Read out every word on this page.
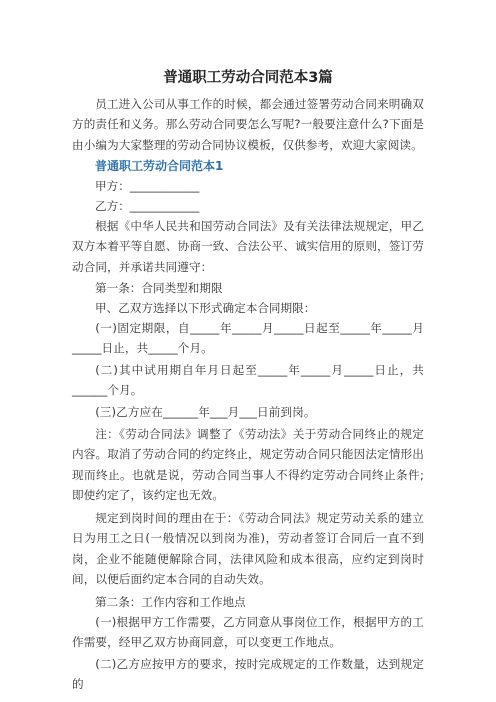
普通职工劳动合同范本3篇

员工进入公司从事工作的时候，都会通过签署劳动合同来明确双方的责任和义务。那么劳动合同要怎么写呢?一般要注意什么?下面是由小编为大家整理的劳动合同协议模板，仅供参考，欢迎大家阅读。

普通职工劳动合同范本1
甲方：____________
乙方：____________

根据《中华人民共和国劳动合同法》及有关法律法规规定，甲乙双方本着平等自愿、协商一致、合法公平、诚实信用的原则，签订劳动合同，并承诺共同遵守：

第一条：合同类型和期限
甲、乙双方选择以下形式确定本合同期限：

(一)固定期限，自_____年_____月_____日起至_____年_____月_____日止，共_____个月。

(二)其中试用期自年月日起至_____年_____月_____日止，共______个月。

(三)乙方应在______年___月___日前到岗。

注：《劳动合同法》调整了《劳动法》关于劳动合同终止的规定内容。取消了劳动合同的约定终止，规定劳动合同只能因法定情形出现而终止。也就是说，劳动合同当事人不得约定劳动合同终止条件;即使约定了，该约定也无效。

规定到岗时间的理由在于：《劳动合同法》规定劳动关系的建立日为用工之日(一般情况以到岗为准)，劳动者签订合同后一直不到岗，企业不能随便解除合同，法律风险和成本很高，应约定到岗时间，以便后面约定本合同的自动失效。

第二条：工作内容和工作地点

(一)根据甲方工作需要，乙方同意从事岗位工作，根据甲方的工作需要，经甲乙双方协商同意，可以变更工作地点。

(二)乙方应按甲方的要求，按时完成规定的工作数量，达到规定的
